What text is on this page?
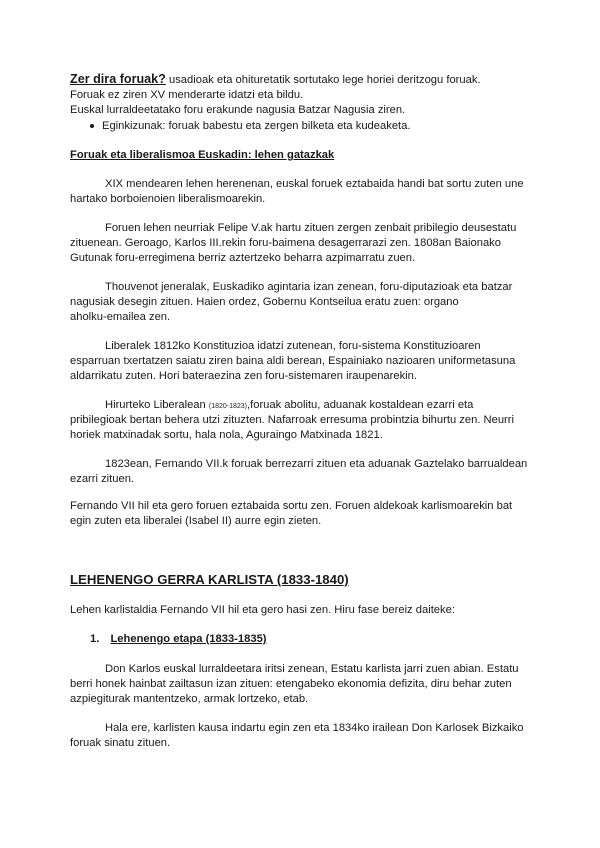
Zer dira foruak? usadioak eta ohituretatik sortutako lege horiei deritzogu foruak.
Foruak ez ziren XV menderarte idatzi eta bildu.
Euskal lurraldeetatako foru erakunde nagusia Batzar Nagusia ziren.
Eginkizunak: foruak babestu eta zergen bilketa eta kudeaketa.
Foruak eta liberalismoa Euskadin: lehen gatazkak
XIX mendearen lehen herenenan, euskal foruek eztabaida handi bat sortu zuten une
hartako borboienoien liberalismoarekin.
Foruen lehen neurriak Felipe V.ak hartu zituen zergen zenbait pribilegio deusestatu
zituenean. Geroago, Karlos III.rekin foru-baimena desagerrarazi zen. 1808an Baionako
Gutunak foru-erregimena berriz aztertzeko beharra azpimarratu zuen.
Thouvenot jeneralak, Euskadiko agintaria izan zenean, foru-diputazioak eta batzar
nagusiak desegin zituen. Haien ordez, Gobernu Kontseilua eratu zuen: organo
aholku-emailea zen.
Liberalek 1812ko Konstituzioa idatzi zutenean, foru-sistema Konstituzioaren
esparruan txertatzen saiatu ziren baina aldi berean, Espainiako nazioaren uniformetasuna
aldarrikatu zuten. Hori bateraezina zen foru-sistemaren iraupenarekin.
Hirurteko Liberalean (1820-1823),foruak abolitu, aduanak kostaldean ezarri eta
pribilegioak bertan behera utzi zituzten. Nafarroak erresuma probintzia bihurtu zen. Neurri
horiek matxinadak sortu, hala nola, Aguraingo Matxinada 1821.
1823ean, Fernando VII.k foruak berrezarri zituen eta aduanak Gaztelako barrualdean
ezarri zituen.
Fernando VII hil eta gero foruen eztabaida sortu zen. Foruen aldekoak karlismoarekin bat
egin zuten eta liberalei (Isabel II) aurre egin zieten.
LEHENENGO GERRA KARLISTA (1833-1840)
Lehen karlistaldia Fernando VII hil eta gero hasi zen. Hiru fase bereiz daiteke:
1. Lehenengo etapa (1833-1835)
Don Karlos euskal lurraldeetara iritsi zenean, Estatu karlista jarri zuen abian. Estatu
berri honek hainbat zailtasun izan zituen: etengabeko ekonomia defizita, diru behar zuten
azpiegiturak mantentzeko, armak lortzeko, etab.
Hala ere, karlisten kausa indartu egin zen eta 1834ko irailean Don Karlosek Bizkaiko
foruak sinatu zituen.
